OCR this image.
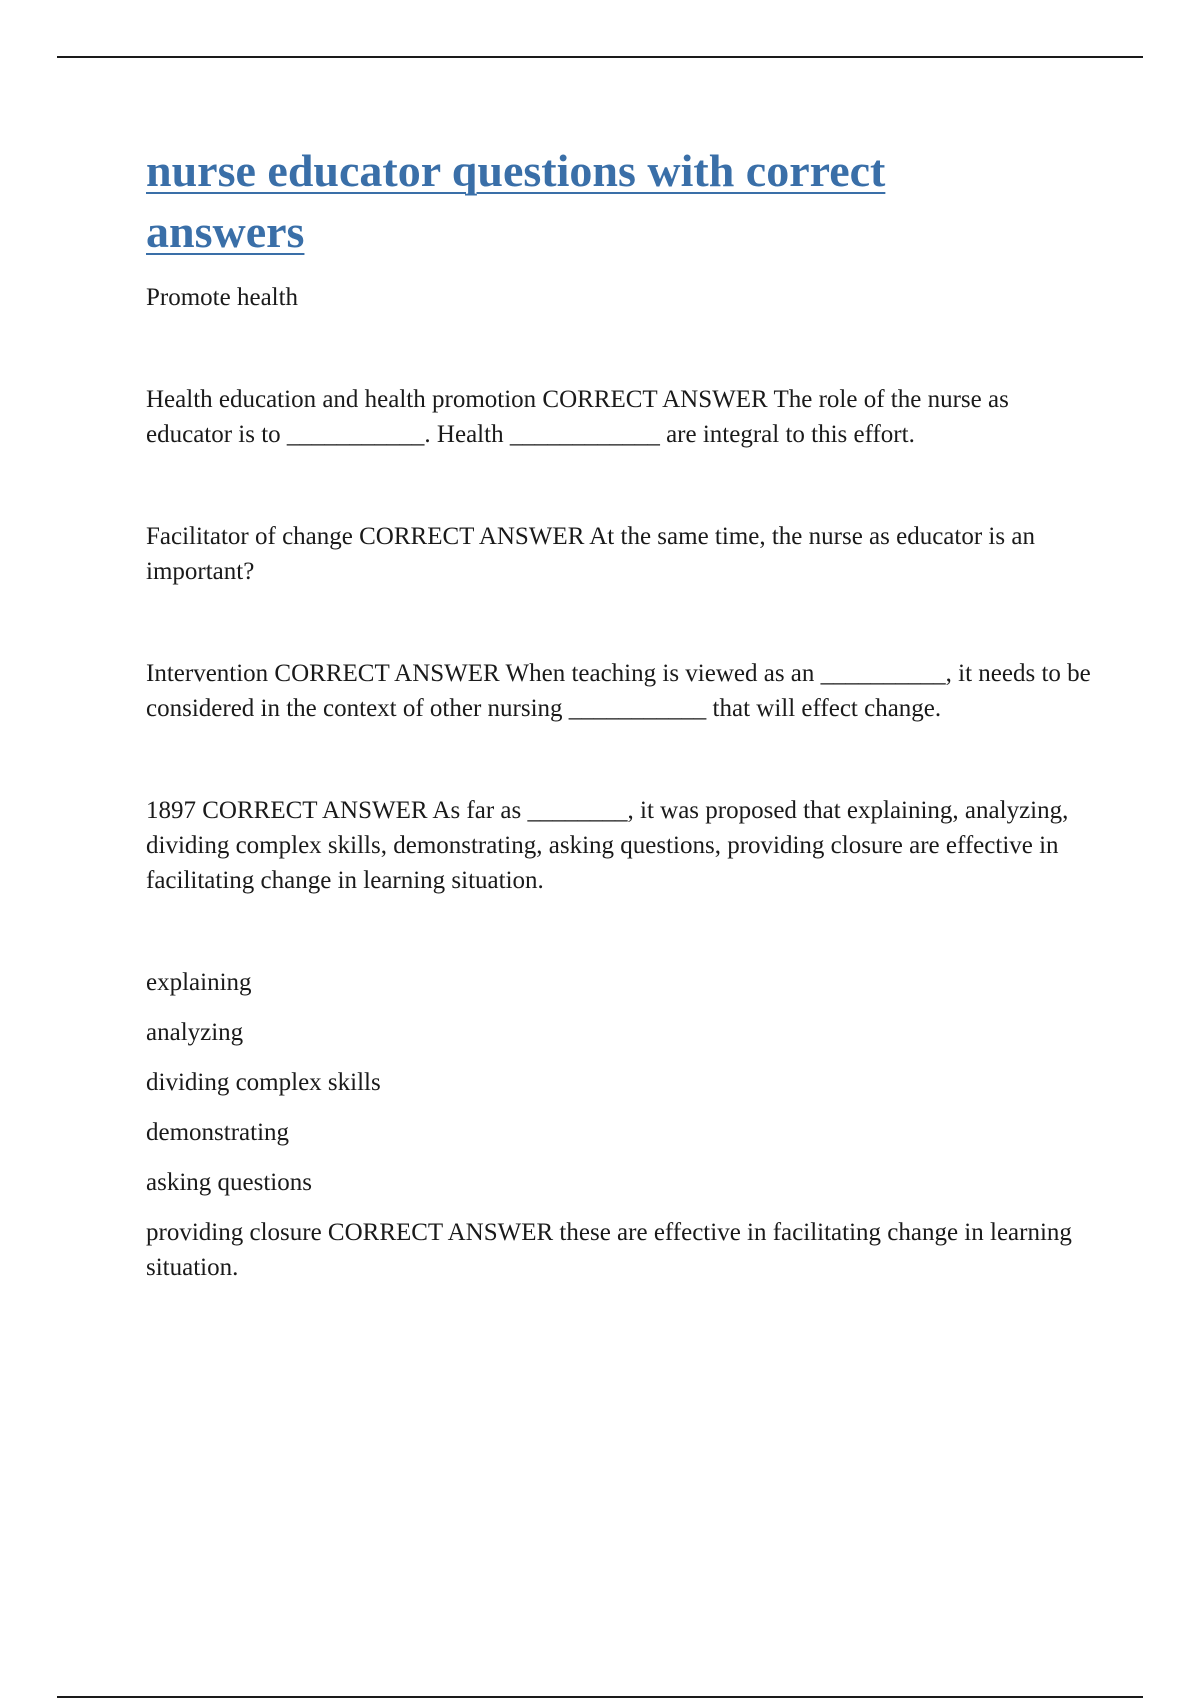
nurse educator questions with correct answers

Promote health

Health education and health promotion CORRECT ANSWER The role of the nurse as educator is to ___________. Health ____________ are integral to this effort.

Facilitator of change CORRECT ANSWER At the same time, the nurse as educator is an important?

Intervention CORRECT ANSWER When teaching is viewed as an __________, it needs to be considered in the context of other nursing ___________ that will effect change.

1897 CORRECT ANSWER As far as ________, it was proposed that explaining, analyzing, dividing complex skills, demonstrating, asking questions, providing closure are effective in facilitating change in learning situation.

explaining

analyzing

dividing complex skills

demonstrating

asking questions

providing closure CORRECT ANSWER these are effective in facilitating change in learning situation.
